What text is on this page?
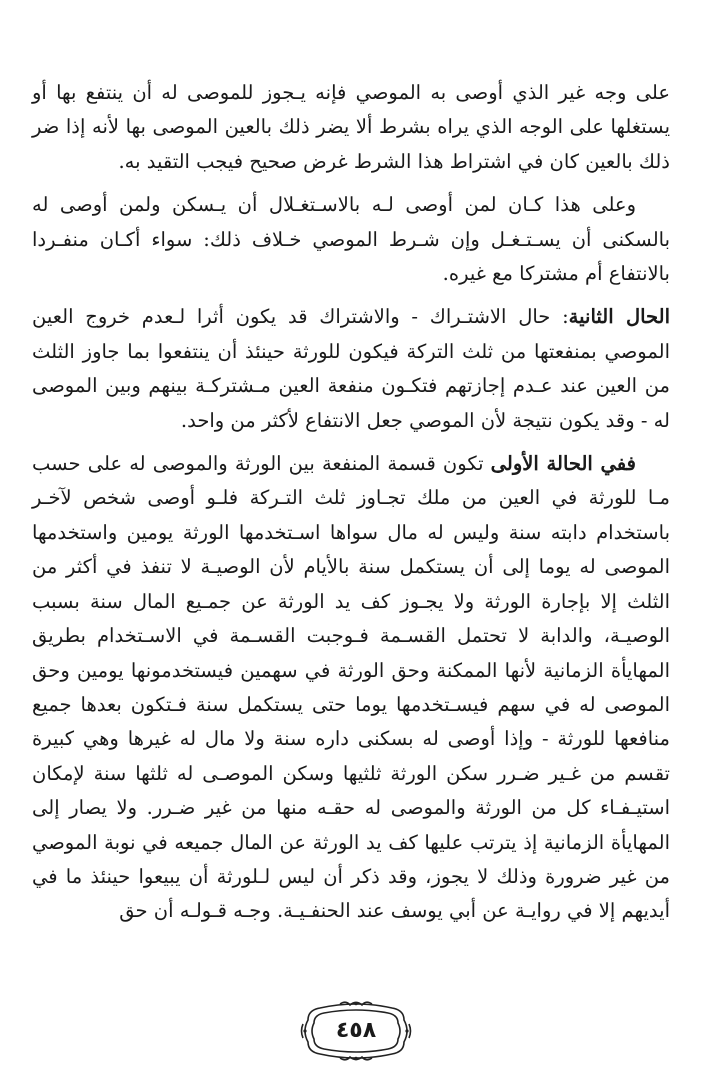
على وجه غير الذي أوصى به الموصي فإنه يـجوز للموصى له أن ينتفع بها أو يستغلها على الوجه الذي يراه بشرط ألا يضر ذلك بالعين الموصى بها لأنه إذا ضر ذلك بالعين كان في اشتراط هذا الشرط غرض صحيح فيجب التقيد به.

وعلى هذا كـان لمن أوصى لـه بالاسـتغـلال أن يـسكن ولمن أوصى له بالسكنى أن يسـتـغـل وإن شـرط الموصي خـلاف ذلك: سواء أكـان منفـردا بالانتفاع أم مشتركا مع غيره.

الحال الثانية: حال الاشتـراك - والاشتراك قد يكون أثرا لـعدم خروج العين الموصي بمنفعتها من ثلث التركة فيكون للورثة حينئذ أن ينتفعوا بما جاوز الثلث من العين عند عـدم إجازتهم فتكـون منفعة العين مـشتركـة بينهم وبين الموصى له - وقد يكون نتيجة لأن الموصي جعل الانتفاع لأكثر من واحد.

ففي الحالة الأولى تكون قسمة المنفعة بين الورثة والموصى له على حسب مـا للورثة في العين من ملك تجـاوز ثلث التـركة فلـو أوصى شخص لآخـر باستخدام دابته سنة وليس له مال سواها اسـتخدمها الورثة يومين واستخدمها الموصى له يوما إلى أن يستكمل سنة بالأيام لأن الوصيـة لا تنفذ في أكثر من الثلث إلا بإجارة الورثة ولا يجـوز كف يد الورثة عن جمـيع المال سنة بسبب الوصيـة، والدابة لا تحتمل القسـمة فـوجبت القسـمة في الاسـتخدام بطريق المهايأة الزمانية لأنها الممكنة وحق الورثة في سهمين فيستخدمونها يومين وحق الموصى له في سهم فيسـتخدمها يوما حتى يستكمل سنة فـتكون بعدها جميع منافعها للورثة - وإذا أوصى له بسكنى داره سنة ولا مال له غيرها وهي كبيرة تقسم من غـير ضـرر سكن الورثة ثلثيها وسكن الموصـى له ثلثها سنة لإمكان استيـفـاء كل من الورثة والموصى له حقـه منها من غير ضـرر. ولا يصار إلى المهايأة الزمانية إذ يترتب عليها كف يد الورثة عن المال جميعه في نوبة الموصي من غير ضرورة وذلك لا يجوز، وقد ذكر أن ليس لـلورثة أن يبيعوا حينئذ ما في أيديهم إلا في روايـة عن أبي يوسف عند الحنفـيـة. وجـه قـولـه أن حق

٤٥٨
